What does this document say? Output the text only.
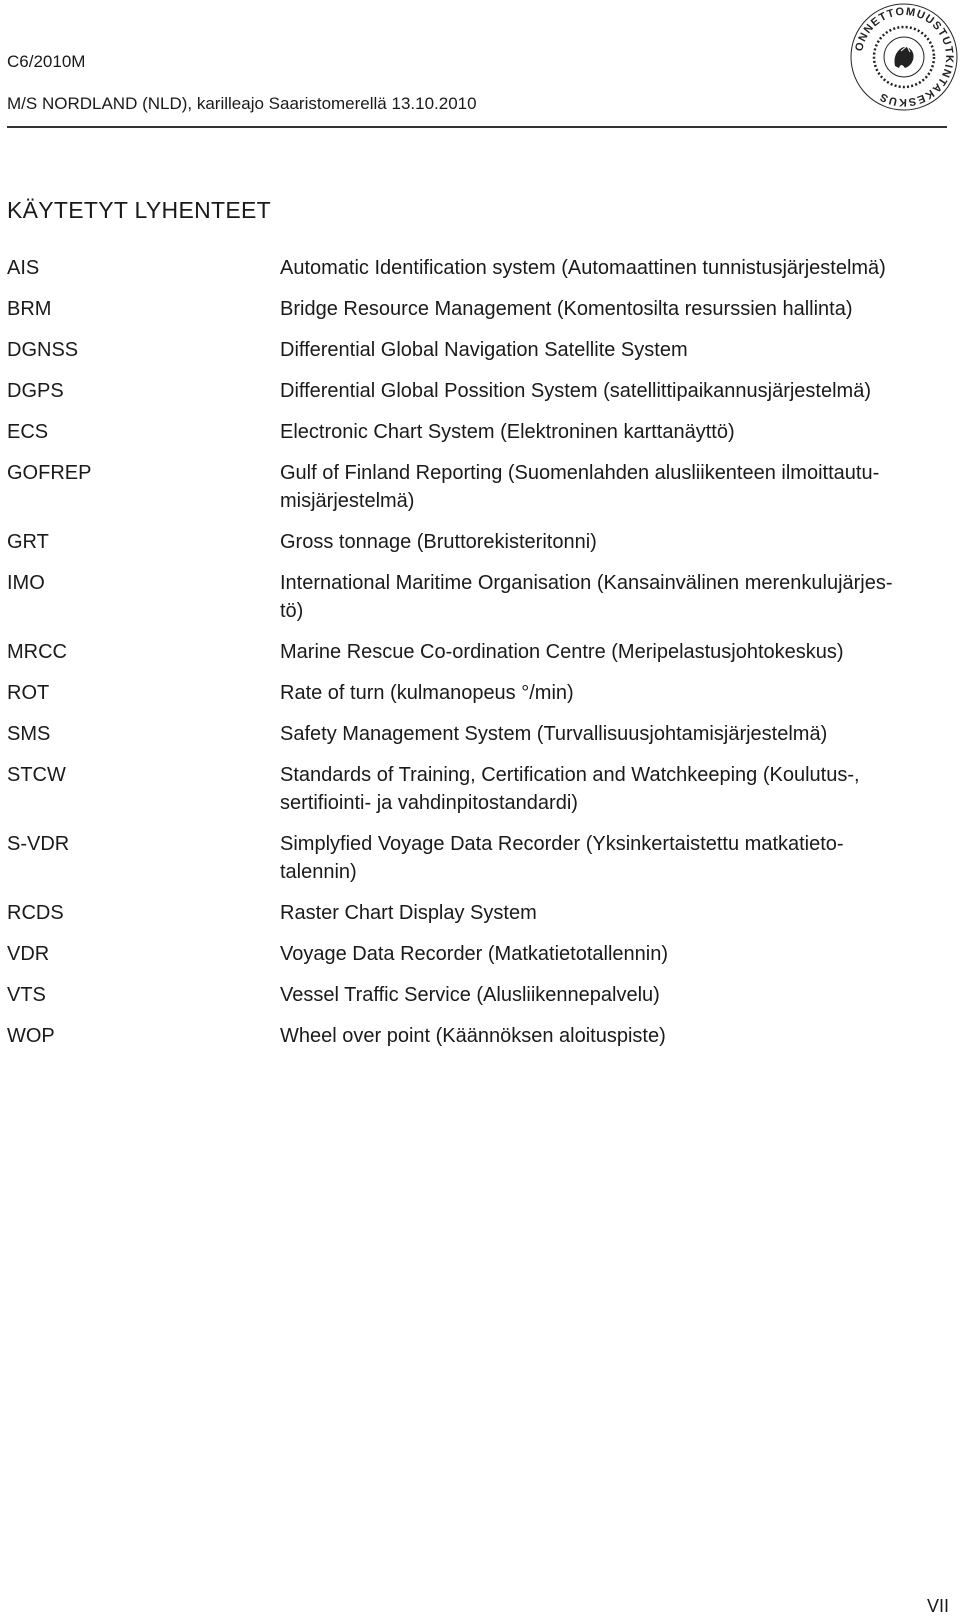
C6/2010M
M/S NORDLAND (NLD), karilleajo Saaristomerellä 13.10.2010
ONNETTOMUUSTUTKINTAKESKUS
KÄYTETYT LYHENTEET
AIS	Automatic Identification system (Automaattinen tunnistusjärjestelmä)
BRM	Bridge Resource Management (Komentosilta resurssien hallinta)
DGNSS	Differential Global Navigation Satellite System
DGPS	Differential Global Possition System (satellittipaikannusjärjestelmä)
ECS	Electronic Chart System (Elektroninen karttanäyttö)
GOFREP	Gulf of Finland Reporting (Suomenlahden alusliikenteen ilmoittautu-misjärjestelmä)
GRT	Gross tonnage (Bruttorekisteritonni)
IMO	International Maritime Organisation (Kansainvälinen merenkulujärjes-tö)
MRCC	Marine Rescue Co-ordination Centre (Meripelastusjohtokeskus)
ROT	Rate of turn (kulmanopeus °/min)
SMS	Safety Management System (Turvallisuusjohtamisjärjestelmä)
STCW	Standards of Training, Certification and Watchkeeping (Koulutus-, sertifiointi- ja vahdinpitostandardi)
S-VDR	Simplyfied Voyage Data Recorder (Yksinkertaistettu matkatieto-talennin)
RCDS	Raster Chart Display System
VDR	Voyage Data Recorder (Matkatietotallennin)
VTS	Vessel Traffic Service (Alusliikennepalvelu)
WOP	Wheel over point (Käännöksen aloituspiste)
VII
